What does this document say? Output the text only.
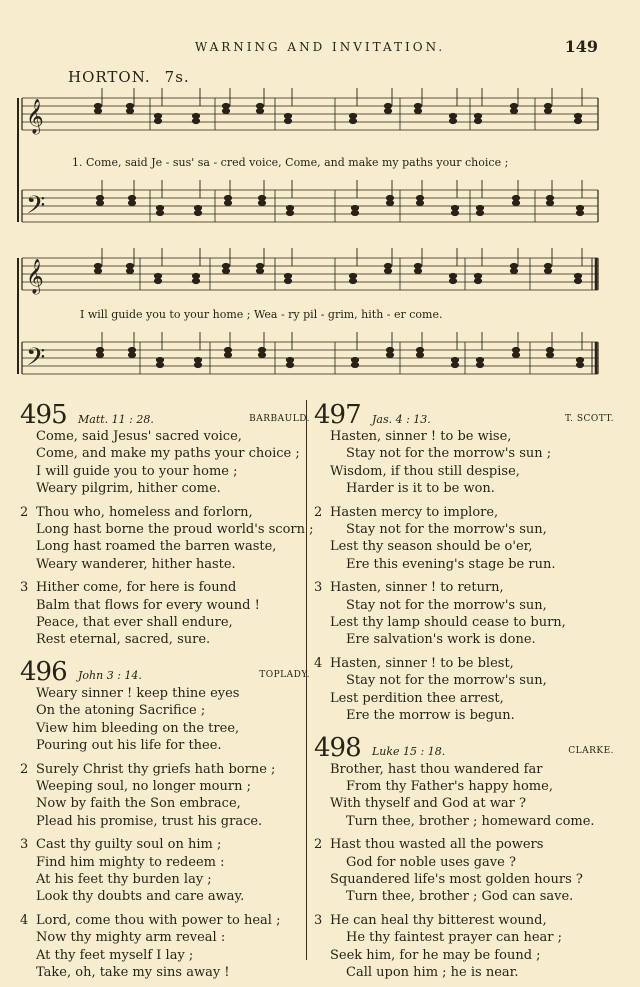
WARNING AND INVITATION.	149
HORTON. 7s.
𝄞
𝄢
𝄞
𝄢
1. Come, said Je - sus' sa - cred voice, Come, and make my paths your choice ;
I will guide you to your home ; Wea - ry pil - grim, hith - er come.
495	Matt. 11 : 28.	BARBAULD.
Come, said Jesus' sacred voice,
Come, and make my paths your choice ;
I will guide you to your home ;
Weary pilgrim, hither come.
2 Thou who, homeless and forlorn,
Long hast borne the proud world's scorn ;
Long hast roamed the barren waste,
Weary wanderer, hither haste.
3 Hither come, for here is found
Balm that flows for every wound !
Peace, that ever shall endure,
Rest eternal, sacred, sure.
496	John 3 : 14.	TOPLADY.
Weary sinner ! keep thine eyes
On the atoning Sacrifice ;
View him bleeding on the tree,
Pouring out his life for thee.
2 Surely Christ thy griefs hath borne ;
Weeping soul, no longer mourn ;
Now by faith the Son embrace,
Plead his promise, trust his grace.
3 Cast thy guilty soul on him ;
Find him mighty to redeem :
At his feet thy burden lay ;
Look thy doubts and care away.
4 Lord, come thou with power to heal ;
Now thy mighty arm reveal :
At thy feet myself I lay ;
Take, oh, take my sins away !
497	Jas. 4 : 13.	T. SCOTT.
Hasten, sinner ! to be wise,
Stay not for the morrow's sun ;
Wisdom, if thou still despise,
Harder is it to be won.
2 Hasten mercy to implore,
Stay not for the morrow's sun,
Lest thy season should be o'er,
Ere this evening's stage be run.
3 Hasten, sinner ! to return,
Stay not for the morrow's sun,
Lest thy lamp should cease to burn,
Ere salvation's work is done.
4 Hasten, sinner ! to be blest,
Stay not for the morrow's sun,
Lest perdition thee arrest,
Ere the morrow is begun.
498	Luke 15 : 18.	CLARKE.
Brother, hast thou wandered far
From thy Father's happy home,
With thyself and God at war ?
Turn thee, brother ; homeward come.
2 Hast thou wasted all the powers
God for noble uses gave ?
Squandered life's most golden hours ?
Turn thee, brother ; God can save.
3 He can heal thy bitterest wound,
He thy faintest prayer can hear ;
Seek him, for he may be found ;
Call upon him ; he is near.
